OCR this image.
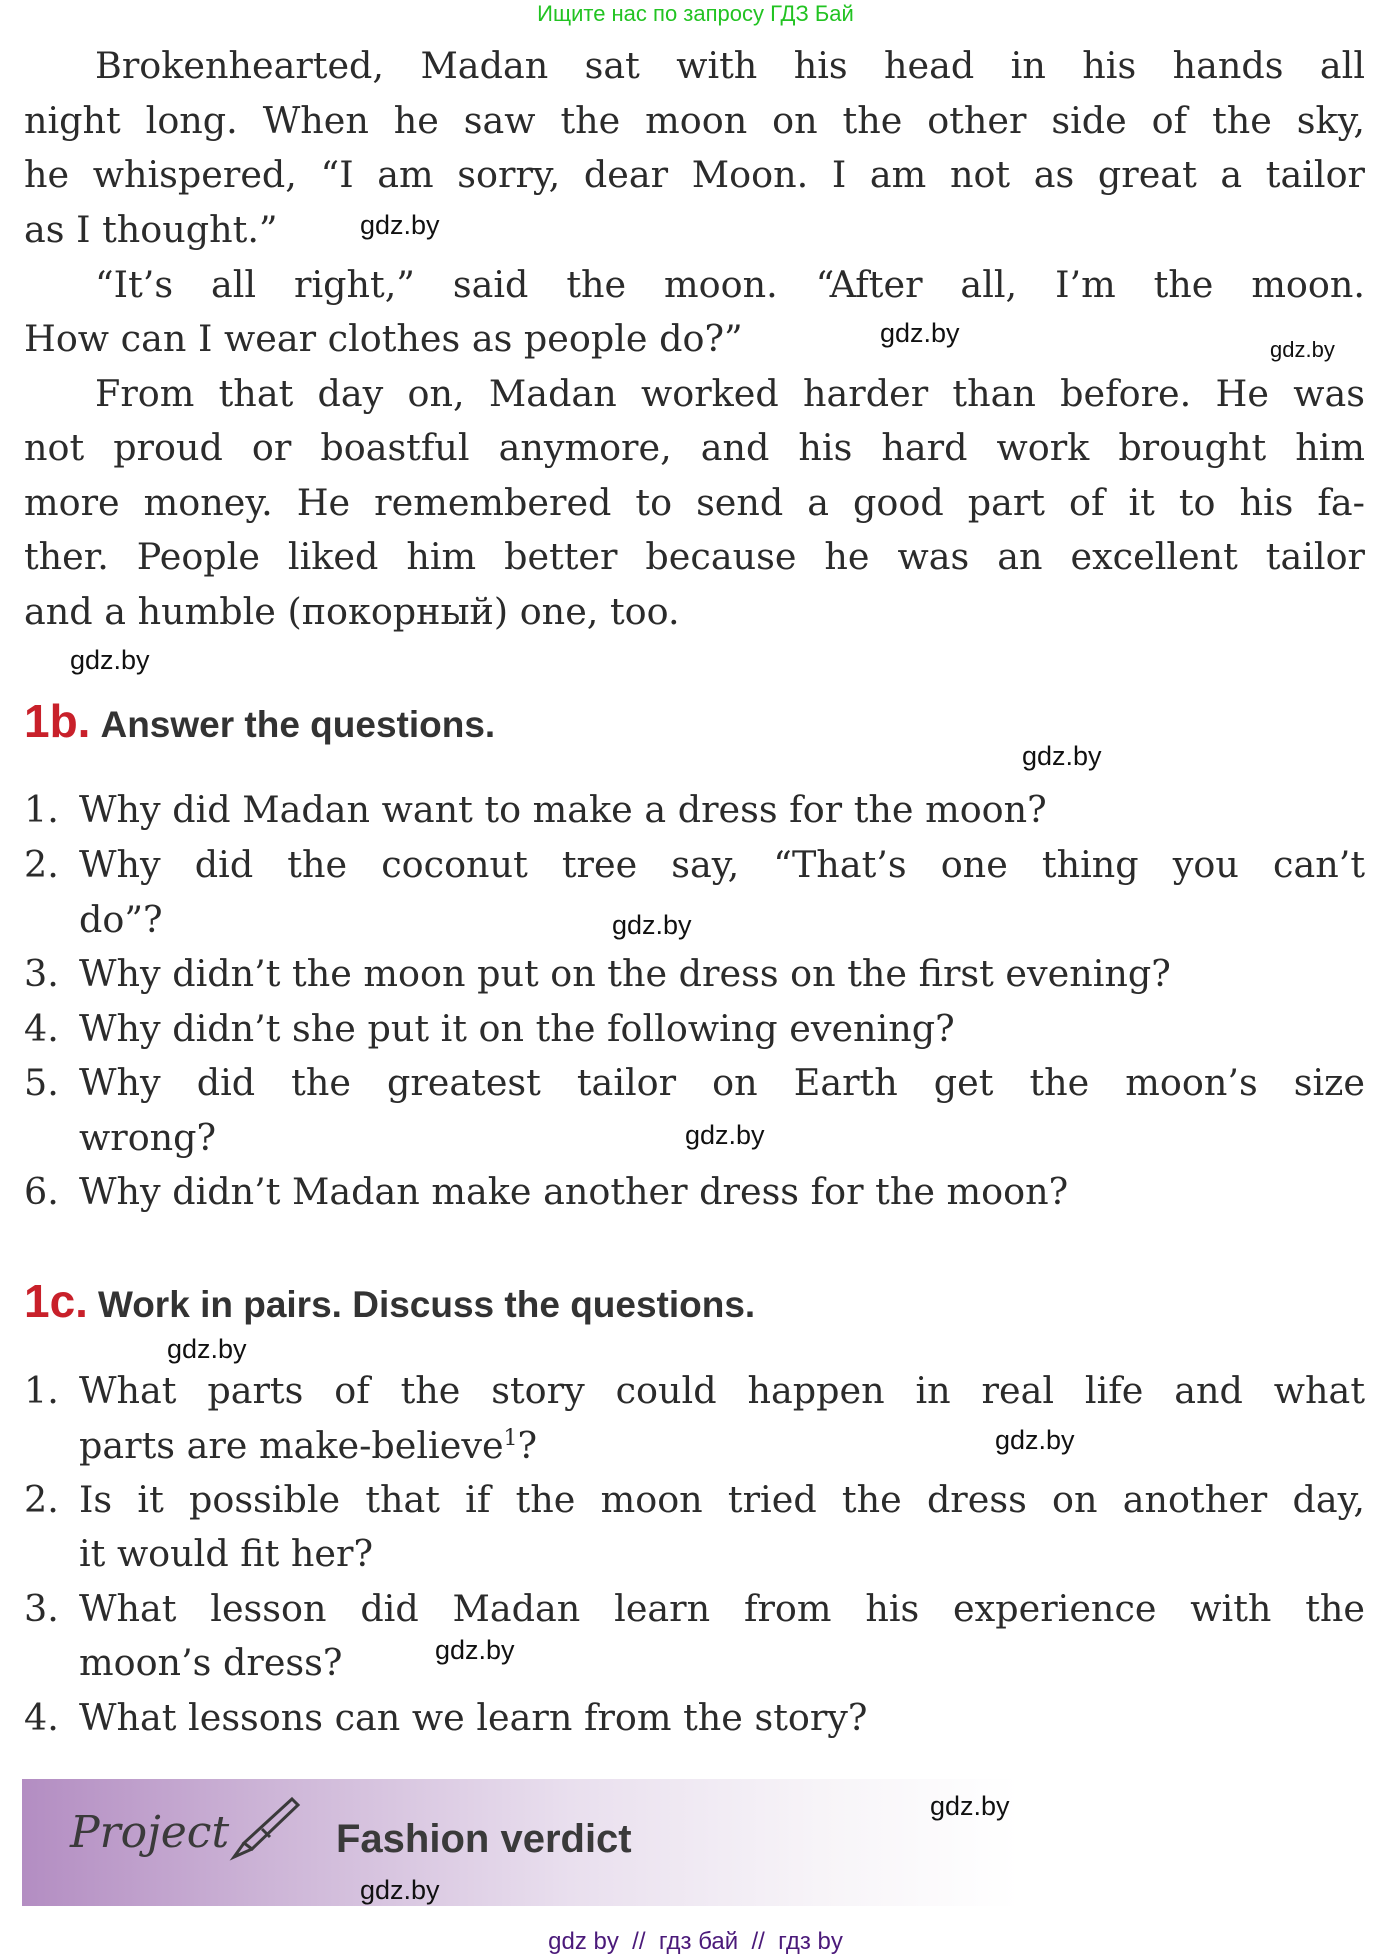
Ищите нас по запросу ГДЗ Бай
Brokenhearted, Madan sat with his head in his hands all
night long. When he saw the moon on the other side of the sky,
he whispered, “I am sorry, dear Moon. I am not as great a tailor
as I thought.”
“It’s all right,” said the moon. “After all, I’m the moon.
How can I wear clothes as people do?”
From that day on, Madan worked harder than before. He was
not proud or boastful anymore, and his hard work brought him
more money. He remembered to send a good part of it to his fa-
ther. People liked him better because he was an excellent tailor
and a humble (покорный) one, too.
1b. Answer the questions.
1. Why did Madan want to make a dress for the moon?
2. Why did the coconut tree say, “That’s one thing you can’t
do”?
3. Why didn’t the moon put on the dress on the first evening?
4. Why didn’t she put it on the following evening?
5. Why did the greatest tailor on Earth get the moon’s size
wrong?
6. Why didn’t Madan make another dress for the moon?
1c. Work in pairs. Discuss the questions.
1. What parts of the story could happen in real life and what
parts are make-believe$^1$?
2. Is it possible that if the moon tried the dress on another day,
it would fit her?
3. What lesson did Madan learn from his experience with the
moon’s dress?
4. What lessons can we learn from the story?
Project	Fashion verdict
gdz.by
gdz.by
gdz.by
gdz.by
gdz.by
gdz.by
gdz.by
gdz.by
gdz.by
gdz.by
gdz.by
gdz.by
gdz by  //  гдз бай  //  гдз by
